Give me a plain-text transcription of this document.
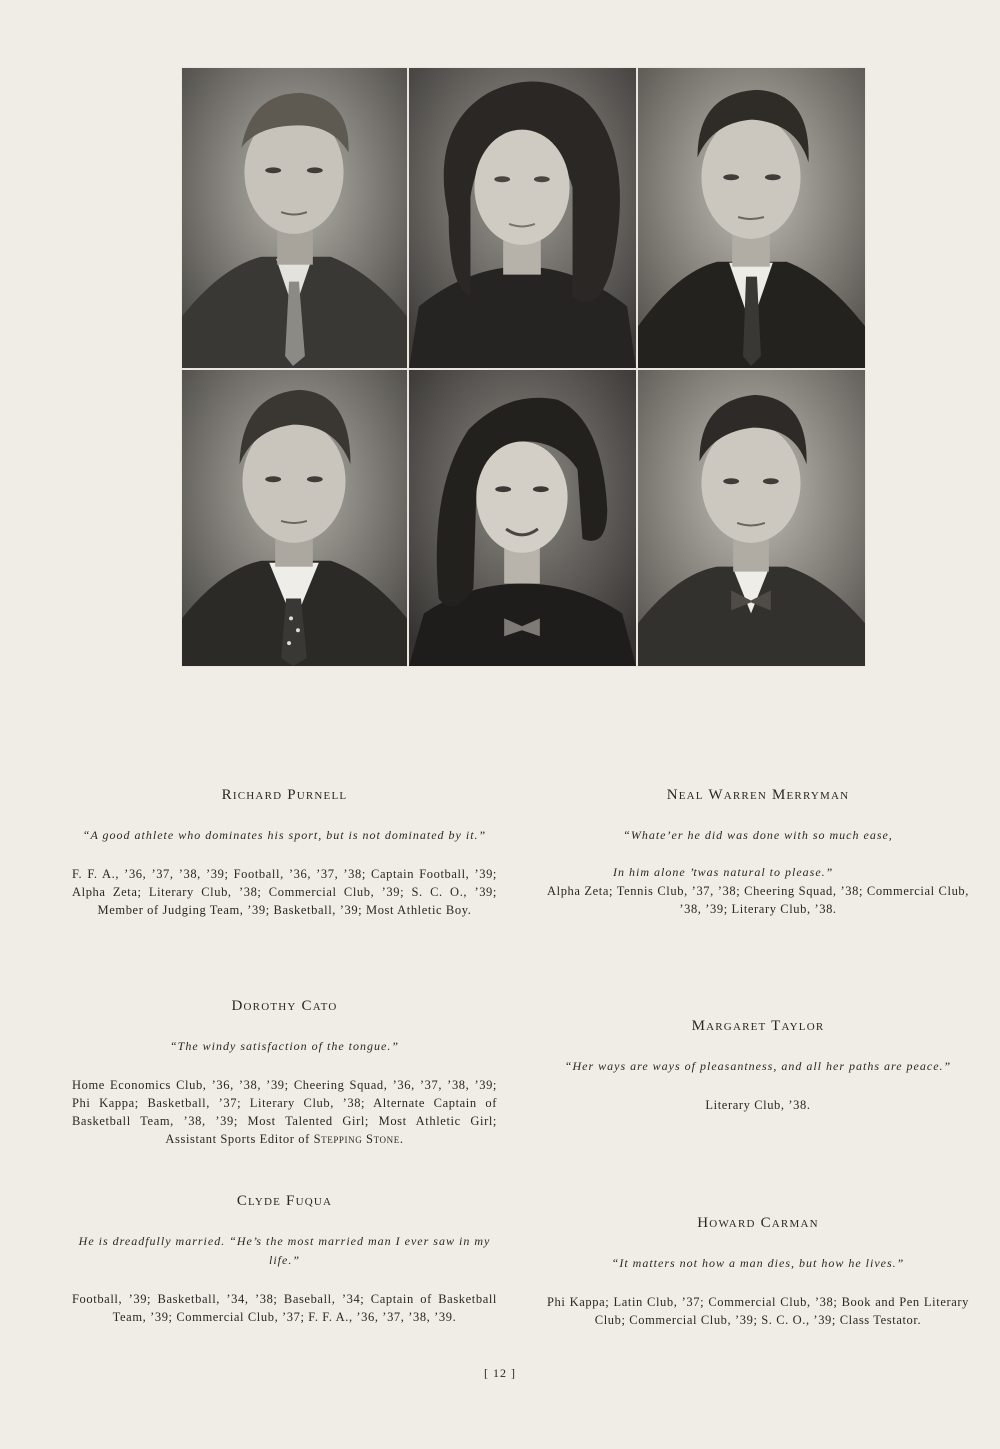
Richard Purnell
“A good athlete who dominates his sport, but is not dominated by it.”

F. F. A., ’36, ’37, ’38, ’39; Football, ’36, ’37, ’38; Captain Football, ’39; Alpha Zeta; Literary Club, ’38; Commercial Club, ’39; S. C. O., ’39; Member of Judging Team, ’39; Basketball, ’39; Most Athletic Boy.

Neal Warren Merryman
“Whate’er he did was done with so much ease,
In him alone ’twas natural to please.”

Alpha Zeta; Tennis Club, ’37, ’38; Cheering Squad, ’38; Commercial Club, ’38, ’39; Literary Club, ’38.

Dorothy Cato
“The windy satisfaction of the tongue.”

Home Economics Club, ’36, ’38, ’39; Cheering Squad, ’36, ’37, ’38, ’39; Phi Kappa; Basketball, ’37; Literary Club, ’38; Alternate Captain of Basketball Team, ’38, ’39; Most Talented Girl; Most Athletic Girl; Assistant Sports Editor of Stepping Stone.

Margaret Taylor
“Her ways are ways of pleasantness, and all her paths are peace.”

Literary Club, ’38.

Clyde Fuqua
He is dreadfully married. “He’s the most married man I ever saw in my life.”

Football, ’39; Basketball, ’34, ’38; Baseball, ’34; Captain of Basketball Team, ’39; Commercial Club, ’37; F. F. A., ’36, ’37, ’38, ’39.

Howard Carman
“It matters not how a man dies, but how he lives.”

Phi Kappa; Latin Club, ’37; Commercial Club, ’38; Book and Pen Literary Club; Commercial Club, ’39; S. C. O., ’39; Class Testator.

[ 12 ]
